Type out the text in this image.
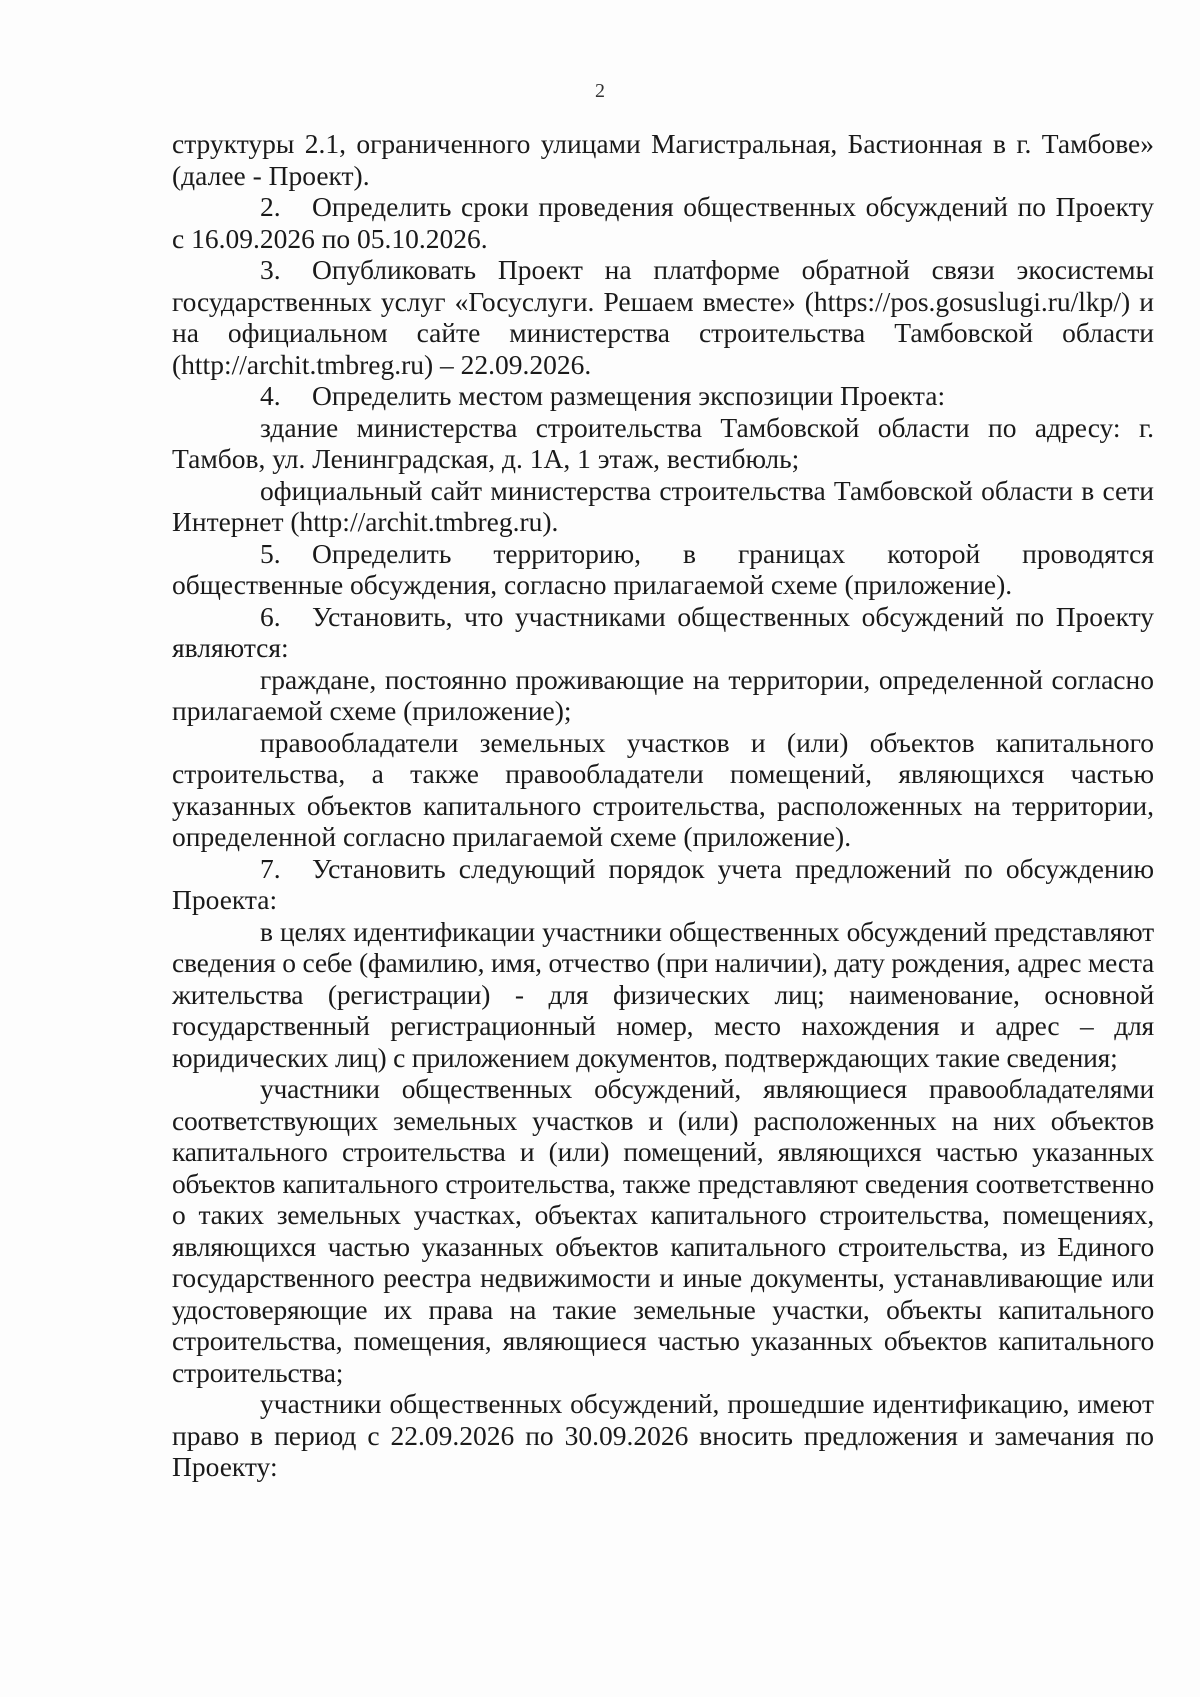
2

структуры 2.1, ограниченного улицами Магистральная, Бастионная в г. Тамбове» (далее - Проект).

2. Определить сроки проведения общественных обсуждений по Проекту с 16.09.2026 по 05.10.2026.

3. Опубликовать Проект на платформе обратной связи экосистемы государственных услуг «Госуслуги. Решаем вместе» (https://pos.gosuslugi.ru/lkp/) и на официальном сайте министерства строительства Тамбовской области (http://archit.tmbreg.ru) – 22.09.2026.

4. Определить местом размещения экспозиции Проекта:

здание министерства строительства Тамбовской области по адресу: г. Тамбов, ул. Ленинградская, д. 1А, 1 этаж, вестибюль;

официальный сайт министерства строительства Тамбовской области в сети Интернет (http://archit.tmbreg.ru).

5. Определить территорию, в границах которой проводятся общественные обсуждения, согласно прилагаемой схеме (приложение).

6. Установить, что участниками общественных обсуждений по Проекту являются:

граждане, постоянно проживающие на территории, определенной согласно прилагаемой схеме (приложение);

правообладатели земельных участков и (или) объектов капитального строительства, а также правообладатели помещений, являющихся частью указанных объектов капитального строительства, расположенных на территории, определенной согласно прилагаемой схеме (приложение).

7. Установить следующий порядок учета предложений по обсуждению Проекта:

в целях идентификации участники общественных обсуждений представляют сведения о себе (фамилию, имя, отчество (при наличии), дату рождения, адрес места жительства (регистрации) - для физических лиц; наименование, основной государственный регистрационный номер, место нахождения и адрес – для юридических лиц) с приложением документов, подтверждающих такие сведения;

участники общественных обсуждений, являющиеся правообладателями соответствующих земельных участков и (или) расположенных на них объектов капитального строительства и (или) помещений, являющихся частью указанных объектов капитального строительства, также представляют сведения соответственно о таких земельных участках, объектах капитального строительства, помещениях, являющихся частью указанных объектов капитального строительства, из Единого государственного реестра недвижимости и иные документы, устанавливающие или удостоверяющие их права на такие земельные участки, объекты капитального строительства, помещения, являющиеся частью указанных объектов капитального строительства;

участники общественных обсуждений, прошедшие идентификацию, имеют право в период с 22.09.2026 по 30.09.2026 вносить предложения и замечания по Проекту:
